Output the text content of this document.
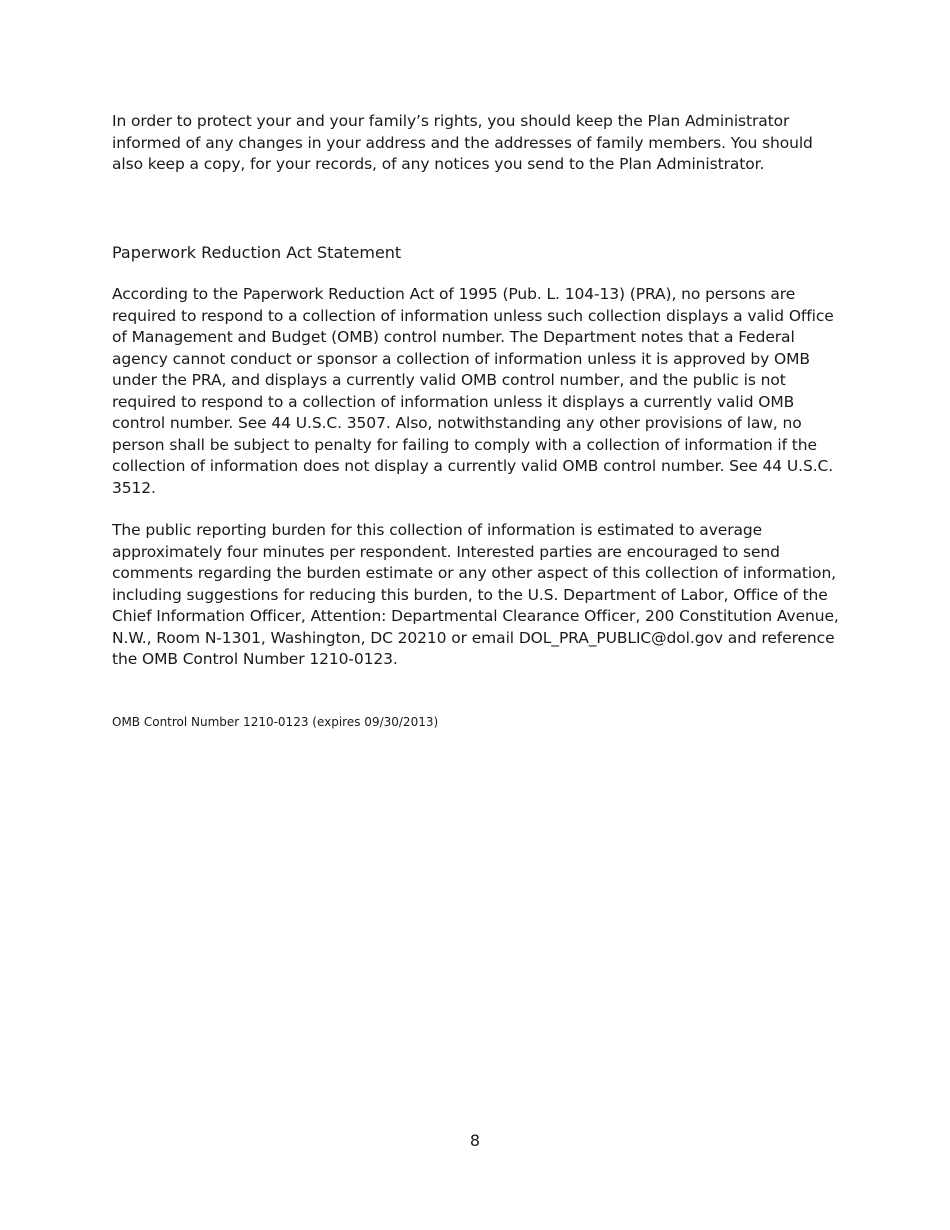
In order to protect your and your family’s rights, you should keep the Plan Administrator informed of any changes in your address and the addresses of family members. You should also keep a copy, for your records, of any notices you send to the Plan Administrator.

Paperwork Reduction Act Statement

According to the Paperwork Reduction Act of 1995 (Pub. L. 104-13) (PRA), no persons are required to respond to a collection of information unless such collection displays a valid Office of Management and Budget (OMB) control number. The Department notes that a Federal agency cannot conduct or sponsor a collection of information unless it is approved by OMB under the PRA, and displays a currently valid OMB control number, and the public is not required to respond to a collection of information unless it displays a currently valid OMB control number. See 44 U.S.C. 3507. Also, notwithstanding any other provisions of law, no person shall be subject to penalty for failing to comply with a collection of information if the collection of information does not display a currently valid OMB control number. See 44 U.S.C. 3512.

The public reporting burden for this collection of information is estimated to average approximately four minutes per respondent. Interested parties are encouraged to send comments regarding the burden estimate or any other aspect of this collection of information, including suggestions for reducing this burden, to the U.S. Department of Labor, Office of the Chief Information Officer, Attention: Departmental Clearance Officer, 200 Constitution Avenue, N.W., Room N-1301, Washington, DC 20210 or email DOL_PRA_PUBLIC@dol.gov and reference the OMB Control Number 1210-0123.

OMB Control Number 1210-0123 (expires 09/30/2013)

8
